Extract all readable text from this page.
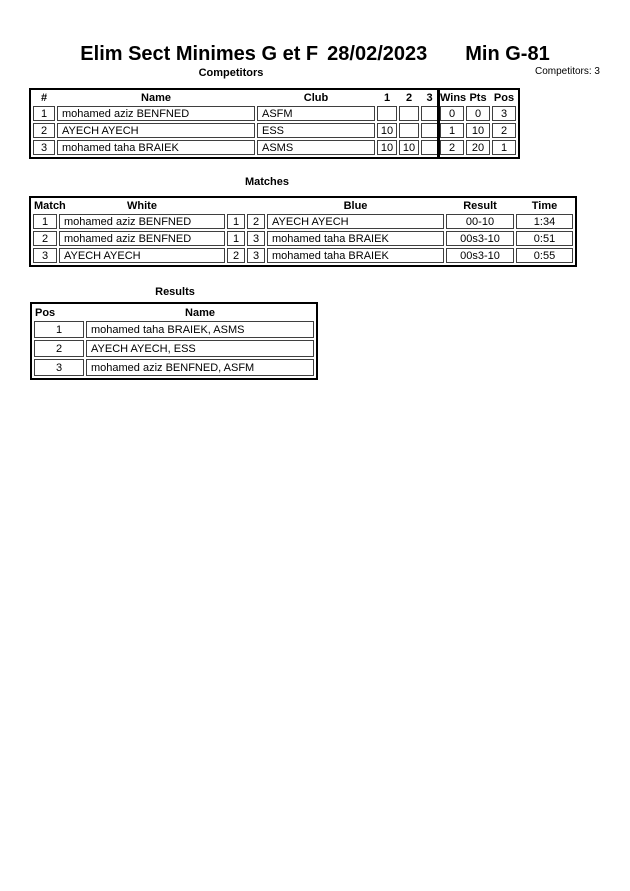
Elim Sect Minimes G et F 28/02/2023 Min G-81
Competitors	Competitors: 3
#	Name	Club	1	2	3	Wins	Pts	Pos
1	mohamed aziz BENFNED	ASFM				0	0	3
2	AYECH AYECH	ESS	10			1	10	2
3	mohamed taha BRAIEK	ASMS	10	10		2	20	1
Matches
Match	White			Blue	Result	Time
1	mohamed aziz BENFNED	1	2	AYECH AYECH	00-10	1:34
2	mohamed aziz BENFNED	1	3	mohamed taha BRAIEK	00s3-10	0:51
3	AYECH AYECH	2	3	mohamed taha BRAIEK	00s3-10	0:55
Results
Pos	Name
1	mohamed taha BRAIEK, ASMS
2	AYECH AYECH, ESS
3	mohamed aziz BENFNED, ASFM
